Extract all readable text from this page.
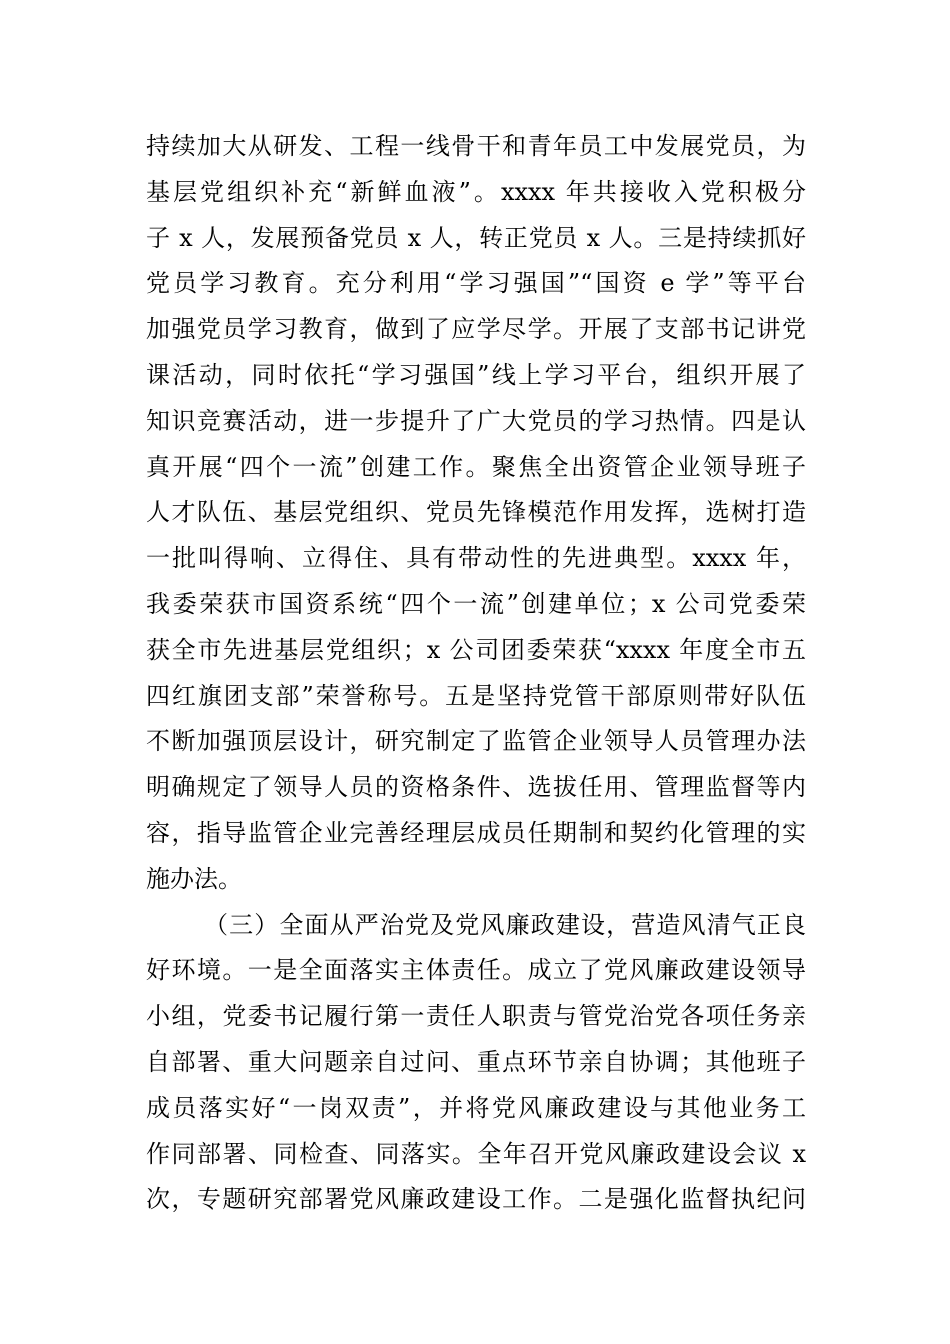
持续加大从研发、工程一线骨干和青年员工中发展党员，为
基层党组织补充“新鲜血液”。xxxx 年共接收入党积极分
子 x 人，发展预备党员 x 人，转正党员 x 人。三是持续抓好
党员学习教育。充分利用“学习强国”“国资 e 学”等平台
加强党员学习教育，做到了应学尽学。开展了支部书记讲党
课活动，同时依托“学习强国”线上学习平台，组织开展了
知识竞赛活动，进一步提升了广大党员的学习热情。四是认
真开展“四个一流”创建工作。聚焦全出资管企业领导班子
人才队伍、基层党组织、党员先锋模范作用发挥，选树打造
一批叫得响、立得住、具有带动性的先进典型。xxxx 年，
我委荣获市国资系统“四个一流”创建单位；x 公司党委荣
获全市先进基层党组织；x 公司团委荣获“xxxx 年度全市五
四红旗团支部”荣誉称号。五是坚持党管干部原则带好队伍
不断加强顶层设计，研究制定了监管企业领导人员管理办法
明确规定了领导人员的资格条件、选拔任用、管理监督等内
容，指导监管企业完善经理层成员任期制和契约化管理的实
施办法。
（三）全面从严治党及党风廉政建设，营造风清气正良
好环境。一是全面落实主体责任。成立了党风廉政建设领导
小组，党委书记履行第一责任人职责与管党治党各项任务亲
自部署、重大问题亲自过问、重点环节亲自协调；其他班子
成员落实好“一岗双责”，并将党风廉政建设与其他业务工
作同部署、同检查、同落实。全年召开党风廉政建设会议 x
次，专题研究部署党风廉政建设工作。二是强化监督执纪问
